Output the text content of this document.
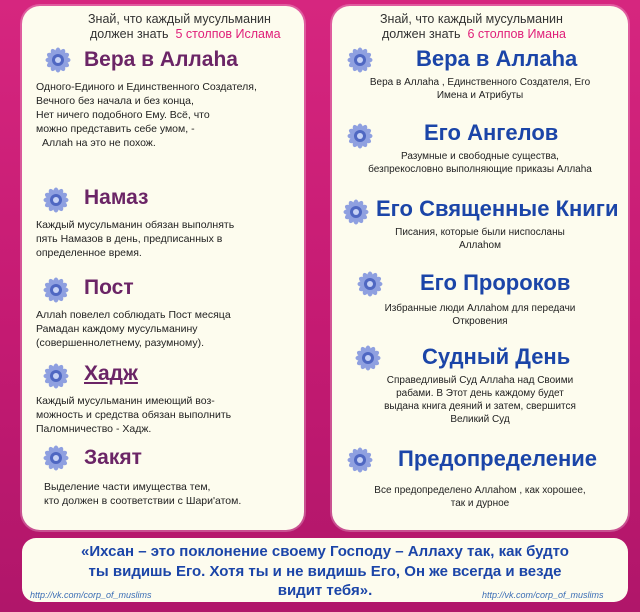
Знай, что каждый мусульманин
должен знать 5 столпов Ислама
Вера в Аллаhа
Одного-Единого и Единственного Создателя,
Вечного без начала и без конца,
Нет ничего подобного Ему. Всё, что
можно представить себе умом, -
Аллаh на это не похож.
Намаз
Каждый мусульманин обязан выполнять
пять Намазов в день, предписанных в
определенное время.
Пост
Аллаh повелел соблюдать Пост месяца
Рамадан каждому мусульманину
(совершеннолетнему, разумному).
Хадж
Каждый мусульманин имеющий воз-
можность и средства обязан выполнить
Паломничество - Хадж.
Закят
Выделение части имущества тем,
кто должен в соответствии с Шари'атом.
Знай, что каждый мусульманин
должен знать 6 столпов Имана
Вера в Аллаhа
Вера в Аллаhа , Единственного Создателя, Его
Имена и Атрибуты
Его Ангелов
Разумные и свободные существа,
безпрекословно выполняющие приказы Аллаhа
Его Священные Книги
Писания, которые были ниспосланы
Аллаhом
Его Пророков
Избранные люди Аллаhом для передачи
Откровения
Судный День
Справедливый Суд Аллаhа над Своими
рабами. В Этот день каждому будет
выдана книга деяний и затем, свершится
Великий Суд
Предопределение
Все предопределено Аллаhом , как хорошее,
так и дурное
«Ихсан – это поклонение своему Господу – Аллаху так, как будто
ты видишь Его. Хотя ты и не видишь Его, Он же всегда и везде
видит тебя».
http://vk.com/corp_of_muslims	http://vk.com/corp_of_muslims
